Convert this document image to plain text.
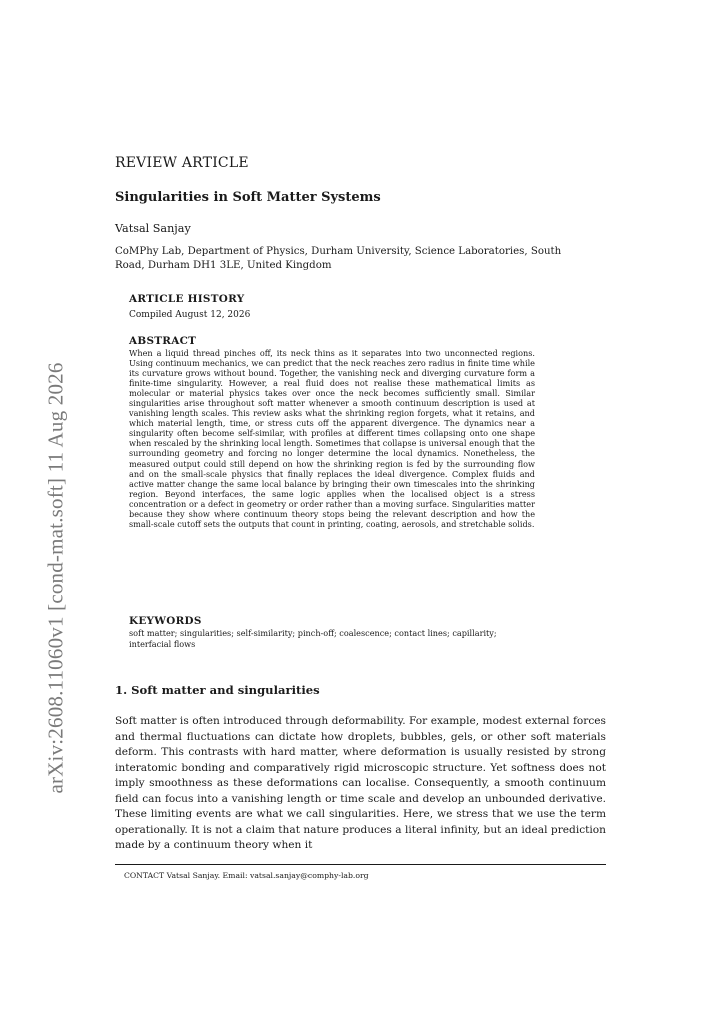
arXiv:2608.11060v1 [cond-mat.soft] 11 Aug 2026
REVIEW ARTICLE
Singularities in Soft Matter Systems
Vatsal Sanjay
CoMPhy Lab, Department of Physics, Durham University, Science Laboratories, South Road, Durham DH1 3LE, United Kingdom
ARTICLE HISTORY
Compiled August 12, 2026
ABSTRACT
When a liquid thread pinches off, its neck thins as it separates into two unconnected regions. Using continuum mechanics, we can predict that the neck reaches zero radius in finite time while its curvature grows without bound. Together, the vanishing neck and diverging curvature form a finite-time singularity. However, a real fluid does not realise these mathematical limits as molecular or material physics takes over once the neck becomes sufficiently small. Similar singularities arise throughout soft matter whenever a smooth continuum description is used at vanishing length scales. This review asks what the shrinking region forgets, what it retains, and which material length, time, or stress cuts off the apparent divergence. The dynamics near a singularity often become self-similar, with profiles at different times collapsing onto one shape when rescaled by the shrinking local length. Sometimes that collapse is universal enough that the surrounding geometry and forcing no longer determine the local dynamics. Nonetheless, the measured output could still depend on how the shrinking region is fed by the surrounding flow and on the small-scale physics that finally replaces the ideal divergence. Complex fluids and active matter change the same local balance by bringing their own timescales into the shrinking region. Beyond interfaces, the same logic applies when the localised object is a stress concentration or a defect in geometry or order rather than a moving surface. Singularities matter because they show where continuum theory stops being the relevant description and how the small-scale cutoff sets the outputs that count in printing, coating, aerosols, and stretchable solids.
KEYWORDS
soft matter; singularities; self-similarity; pinch-off; coalescence; contact lines; capillarity; interfacial flows
1. Soft matter and singularities
Soft matter is often introduced through deformability. For example, modest external forces and thermal fluctuations can dictate how droplets, bubbles, gels, or other soft materials deform. This contrasts with hard matter, where deformation is usually resisted by strong interatomic bonding and comparatively rigid microscopic structure. Yet softness does not imply smoothness as these deformations can localise. Consequently, a smooth continuum field can focus into a vanishing length or time scale and develop an unbounded derivative. These limiting events are what we call singularities. Here, we stress that we use the term operationally. It is not a claim that nature produces a literal infinity, but an ideal prediction made by a continuum theory when it
CONTACT Vatsal Sanjay. Email: vatsal.sanjay@comphy-lab.org
